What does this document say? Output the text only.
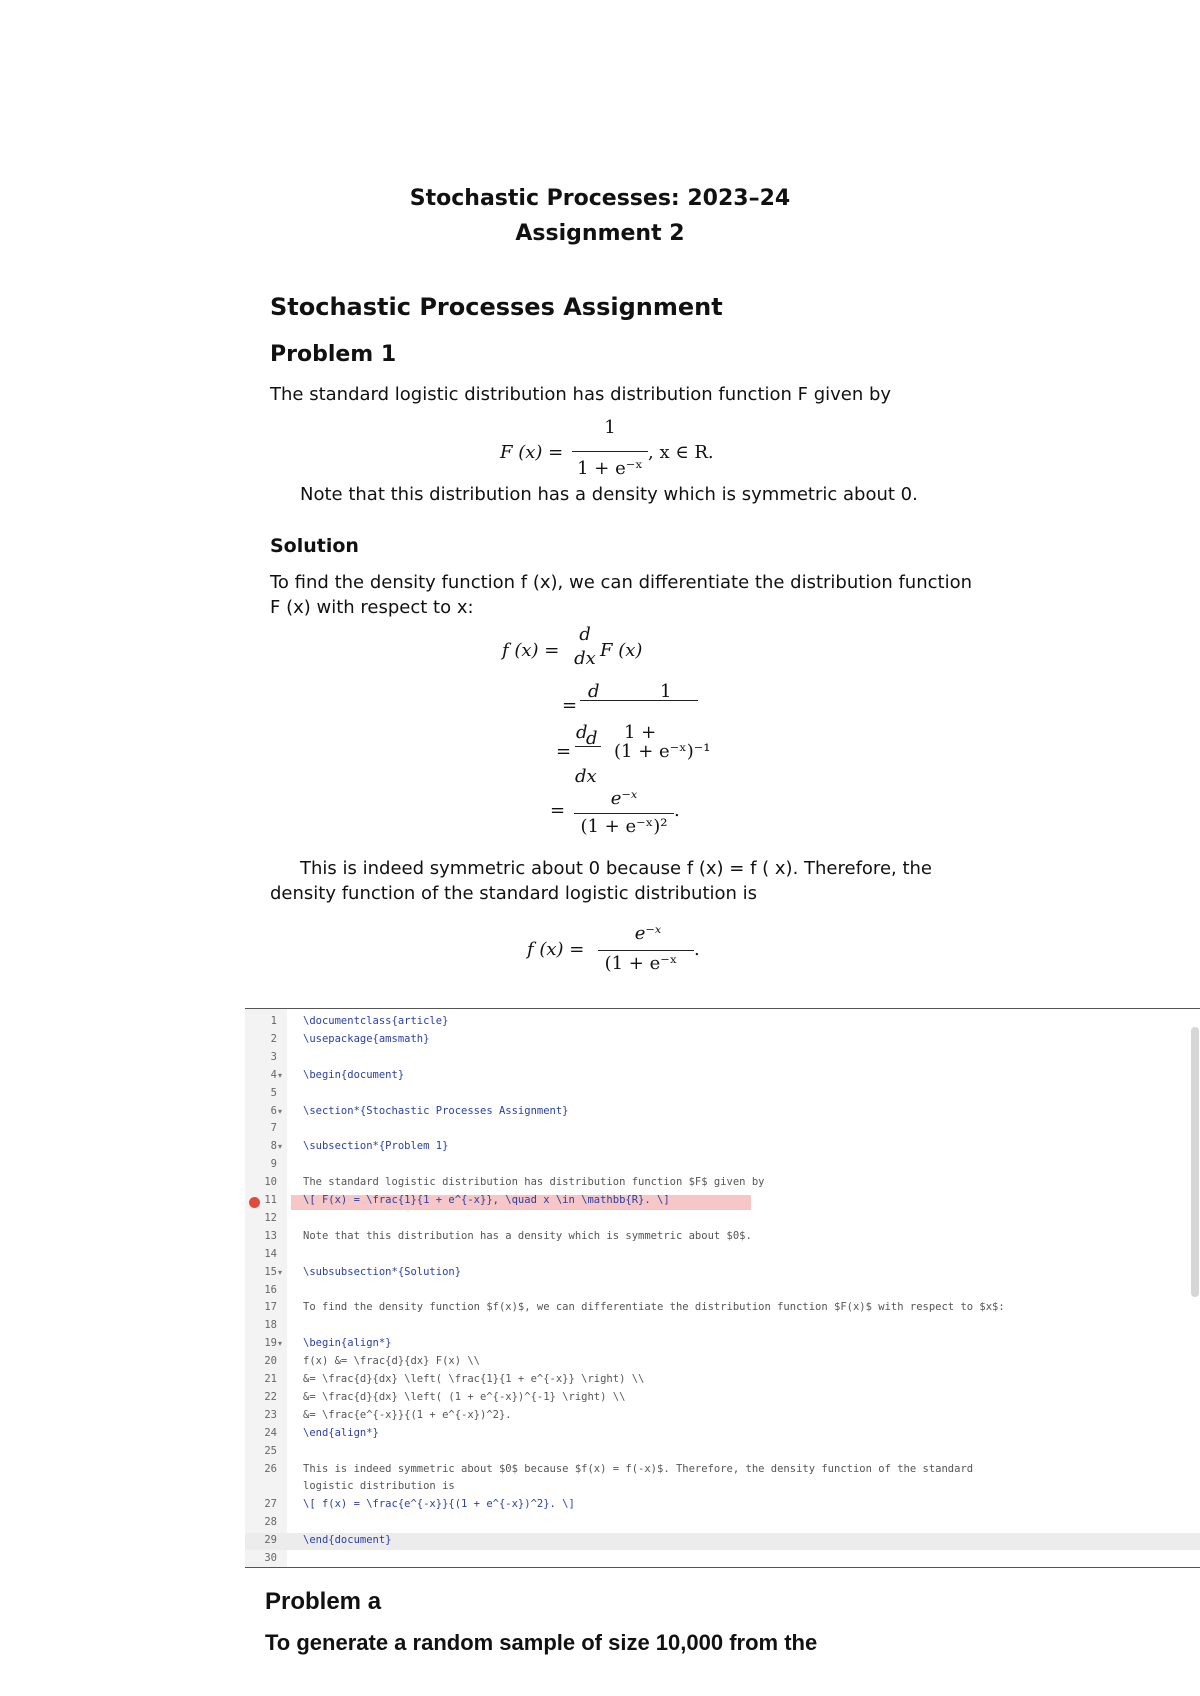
Stochastic Processes: 2023–24
Assignment 2
Stochastic Processes Assignment
Problem 1
The standard logistic distribution has distribution function F given by
F (x) =
1
1 + e⁻ˣ
, x ∈ R.
Note that this distribution has a density which is symmetric about 0.
Solution
To find the density function f (x), we can differentiate the distribution function
F (x) with respect to x:
f (x) =
d
dx F (x)
=
d	1
=
d
d 1 +
(1 + e⁻ˣ)⁻¹
dx
=
e⁻ˣ
(1 + e⁻ˣ)²
.
This is indeed symmetric about 0 because f (x) = f ( x). Therefore, the
density function of the standard logistic distribution is
f (x) =
e⁻ˣ
(1 + e⁻ˣ
.
1 \documentclass{article}
2 \usepackage{amsmath}
3
4 ▾ \begin{document}
5
6 ▾ \section*{Stochastic Processes Assignment}
7
8 ▾ \subsection*{Problem 1}
9
10 The standard logistic distribution has distribution function $F$ given by
11 \[ F(x) = \frac{1}{1 + e^{-x}}, \quad x \in \mathbb{R}. \]
12
13 Note that this distribution has a density which is symmetric about $0$.
14
15 ▾ \subsubsection*{Solution}
16
17 To find the density function $f(x)$, we can differentiate the distribution function $F(x)$ with respect to $x$:
18
19 ▾ \begin{align*}
20 f(x) &= \frac{d}{dx} F(x) \\
21 &= \frac{d}{dx} \left( \frac{1}{1 + e^{-x}} \right) \\
22 &= \frac{d}{dx} \left( (1 + e^{-x})^{-1} \right) \\
23 &= \frac{e^{-x}}{(1 + e^{-x})^2}.
24 \end{align*}
25
26 This is indeed symmetric about $0$ because $f(x) = f(-x)$. Therefore, the density function of the standard
logistic distribution is
27 \[ f(x) = \frac{e^{-x}}{(1 + e^{-x})^2}. \]
28
29 \end{document}
30
Problem a
To generate a random sample of size 10,000 from the
